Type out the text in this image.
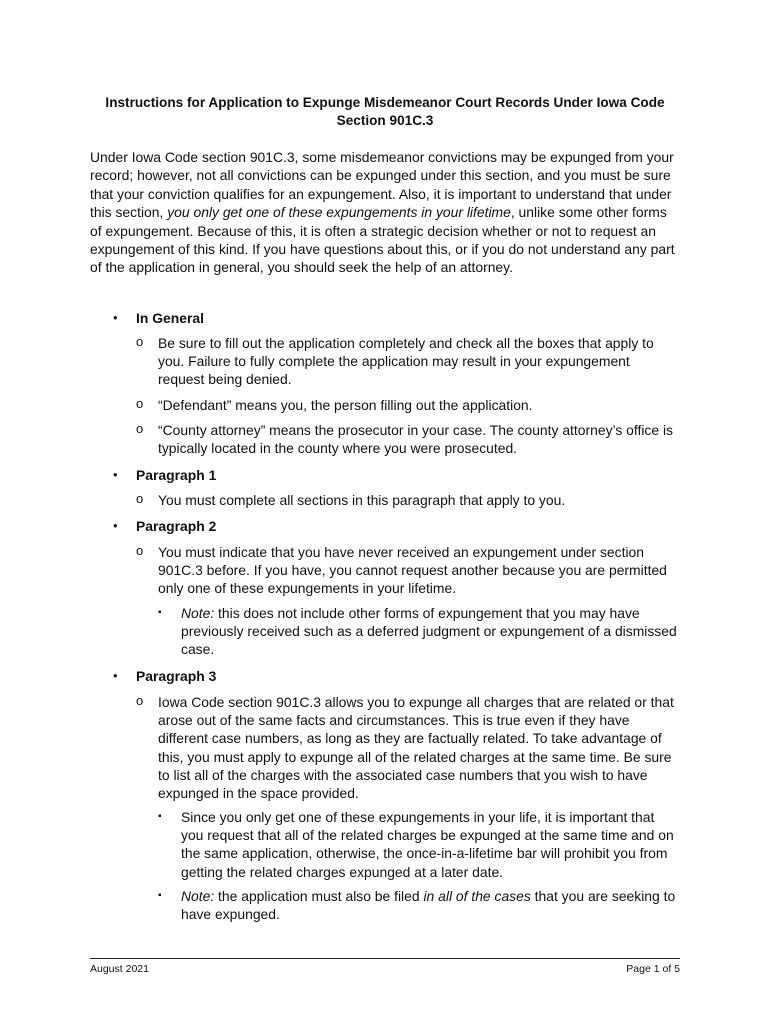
Instructions for Application to Expunge Misdemeanor Court Records Under Iowa Code Section 901C.3

Under Iowa Code section 901C.3, some misdemeanor convictions may be expunged from your record; however, not all convictions can be expunged under this section, and you must be sure that your conviction qualifies for an expungement. Also, it is important to understand that under this section, you only get one of these expungements in your lifetime, unlike some other forms of expungement. Because of this, it is often a strategic decision whether or not to request an expungement of this kind. If you have questions about this, or if you do not understand any part of the application in general, you should seek the help of an attorney.

• In General
o Be sure to fill out the application completely and check all the boxes that apply to you. Failure to fully complete the application may result in your expungement request being denied.
o “Defendant” means you, the person filling out the application.
o “County attorney” means the prosecutor in your case. The county attorney’s office is typically located in the county where you were prosecuted.
• Paragraph 1
o You must complete all sections in this paragraph that apply to you.
• Paragraph 2
o You must indicate that you have never received an expungement under section 901C.3 before. If you have, you cannot request another because you are permitted only one of these expungements in your lifetime.
▪ Note: this does not include other forms of expungement that you may have previously received such as a deferred judgment or expungement of a dismissed case.
• Paragraph 3
o Iowa Code section 901C.3 allows you to expunge all charges that are related or that arose out of the same facts and circumstances. This is true even if they have different case numbers, as long as they are factually related. To take advantage of this, you must apply to expunge all of the related charges at the same time. Be sure to list all of the charges with the associated case numbers that you wish to have expunged in the space provided.
▪ Since you only get one of these expungements in your life, it is important that you request that all of the related charges be expunged at the same time and on the same application, otherwise, the once-in-a-lifetime bar will prohibit you from getting the related charges expunged at a later date.
▪ Note: the application must also be filed in all of the cases that you are seeking to have expunged.
August 2021	Page 1 of 5
